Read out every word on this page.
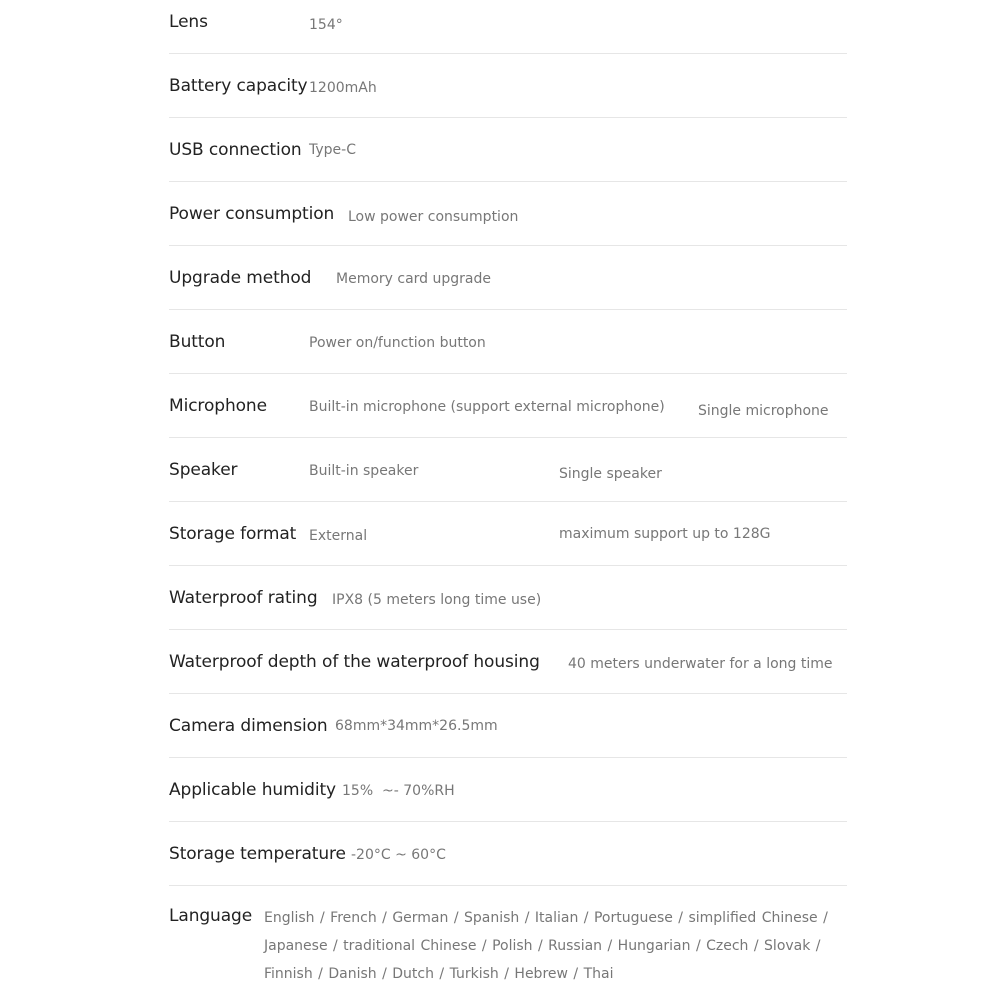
Lens	154°
Battery capacity 1200mAh
USB connection Type-C
Power consumption Low power consumption
Upgrade method Memory card upgrade
Button	Power on/function button
Microphone	Built-in microphone (support external microphone) Single microphone
Speaker	Built-in speaker	Single speaker
Storage format External	maximum support up to 128G
Waterproof rating IPX8 (5 meters long time use)
Waterproof depth of the waterproof housing 40 meters underwater for a long time
Camera dimension 68mm*34mm*26.5mm
Applicable humidity 15%  ~- 70%RH
Storage temperature -20°C ~ 60°C
Language English / French / German / Spanish / Italian / Portuguese / simplified Chinese / Japanese / traditional Chinese / Polish / Russian / Hungarian / Czech / Slovak / Finnish / Danish / Dutch / Turkish / Hebrew / Thai
